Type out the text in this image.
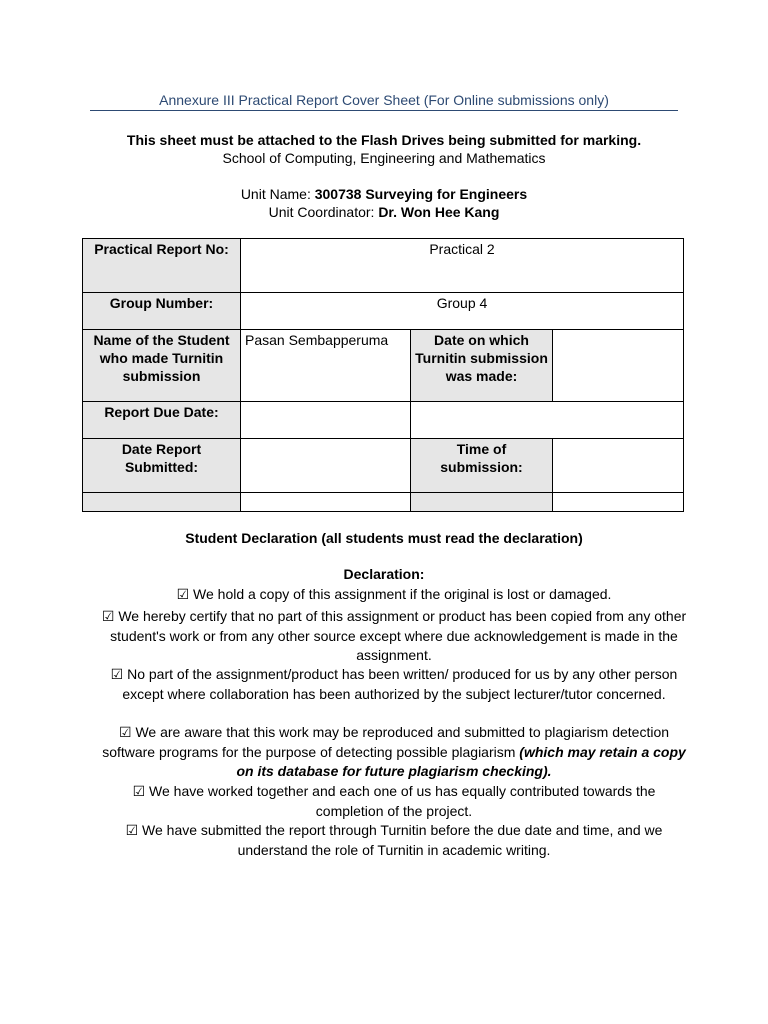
Annexure III Practical Report Cover Sheet (For Online submissions only)
This sheet must be attached to the Flash Drives being submitted for marking.
School of Computing, Engineering and Mathematics
Unit Name: 300738 Surveying for Engineers
Unit Coordinator: Dr. Won Hee Kang
Practical Report No:	Practical 2		
Group Number:	Group 4		
Name of the Student who made Turnitin submission	Pasan Sembapperuma	Date on which Turnitin submission was made:	
Report Due Date:			
Date Report Submitted:		Time of submission:	

Student Declaration (all students must read the declaration)
Declaration:
☑ We hold a copy of this assignment if the original is lost or damaged.
☑ We hereby certify that no part of this assignment or product has been copied from any other student's work or from any other source except where due acknowledgement is made in the assignment.
☑ No part of the assignment/product has been written/ produced for us by any other person except where collaboration has been authorized by the subject lecturer/tutor concerned.
☑ We are aware that this work may be reproduced and submitted to plagiarism detection software programs for the purpose of detecting possible plagiarism (which may retain a copy on its database for future plagiarism checking).
☑ We have worked together and each one of us has equally contributed towards the completion of the project.
☑ We have submitted the report through Turnitin before the due date and time, and we understand the role of Turnitin in academic writing.
